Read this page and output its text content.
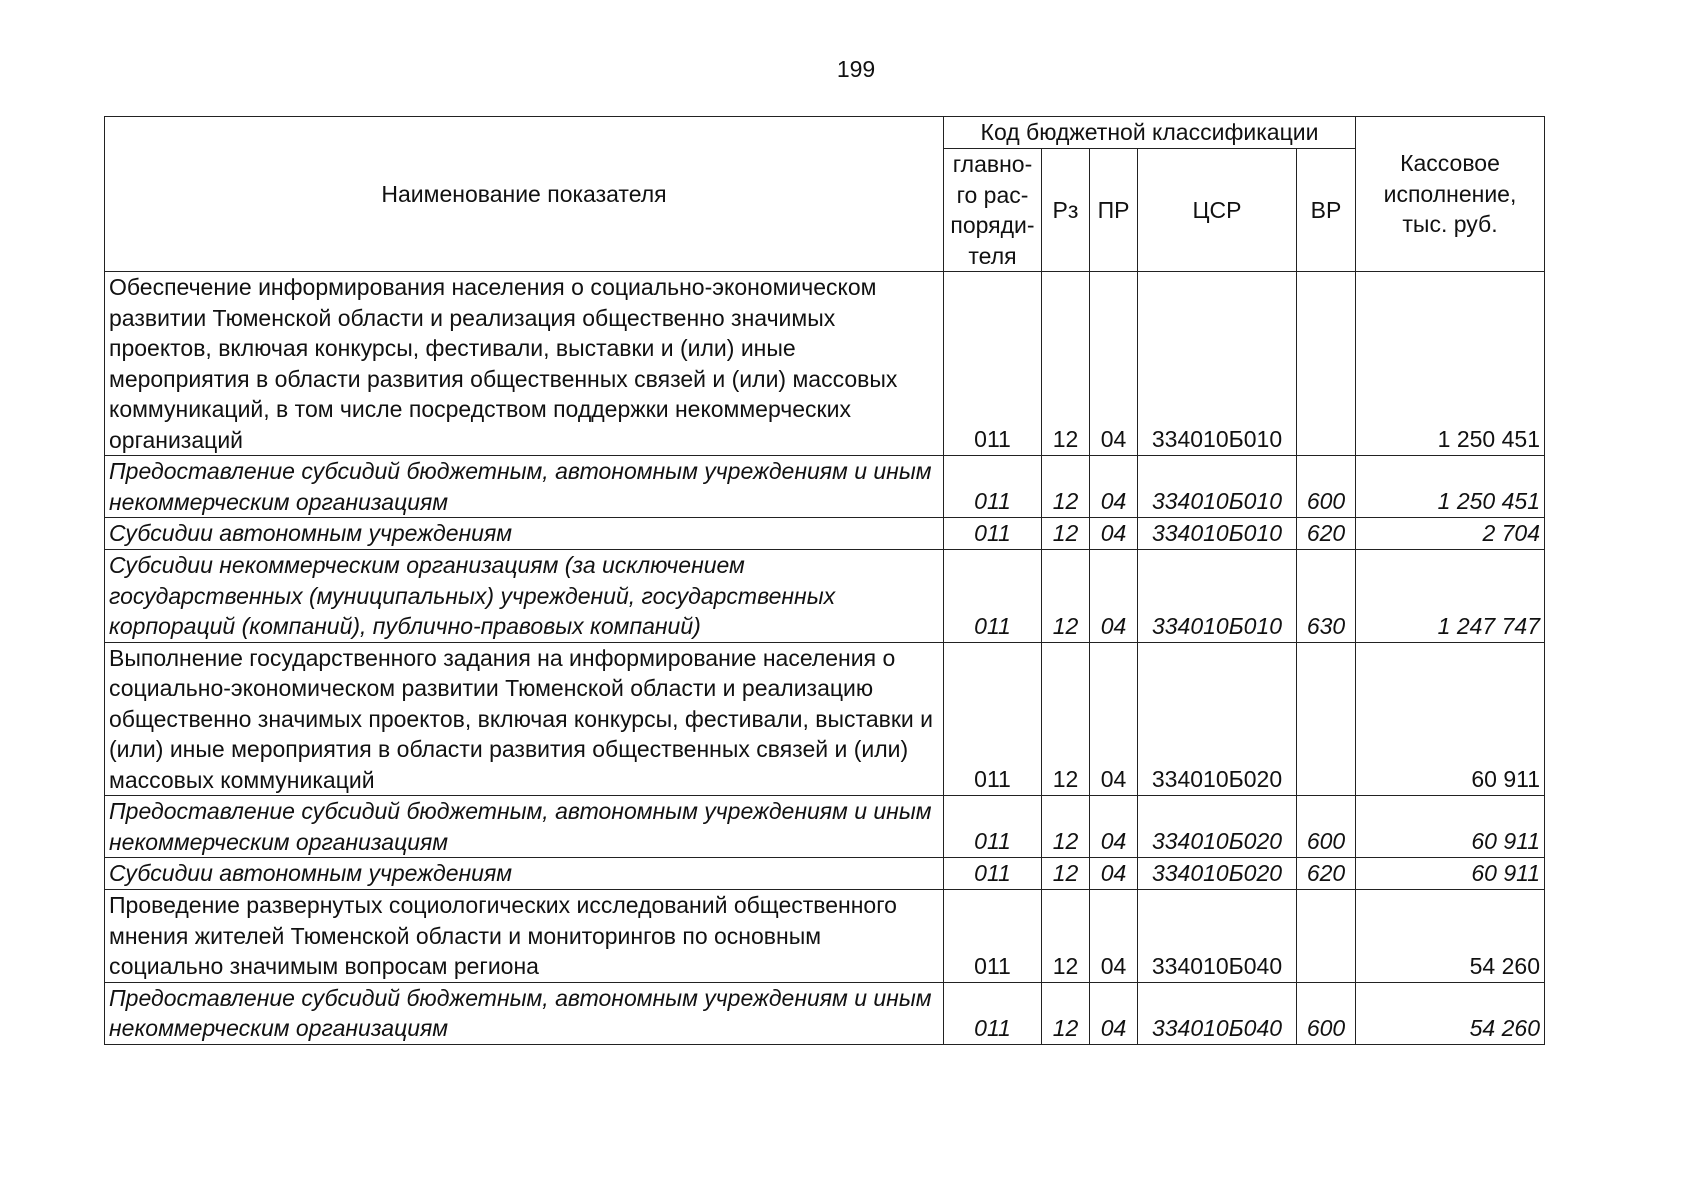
199
Наименование показателя	Код бюджетной классификации					Кассовое исполнение, тыс. руб.
	главно-го рас-поряди-теля	Рз	ПР	ЦСР	ВР	
Обеспечение информирования населения о социально-экономическом развитии Тюменской области и реализация общественно значимых проектов, включая конкурсы, фестивали, выставки и (или) иные мероприятия в области развития общественных связей и (или) массовых коммуникаций, в том числе посредством поддержки некоммерческих организаций	011	12	04	334010Б010		1 250 451
Предоставление субсидий бюджетным, автономным учреждениям и иным некоммерческим организациям	011	12	04	334010Б010	600	1 250 451
Субсидии автономным учреждениям	011	12	04	334010Б010	620	2 704
Субсидии некоммерческим организациям (за исключением государственных (муниципальных) учреждений, государственных корпораций (компаний), публично-правовых компаний)	011	12	04	334010Б010	630	1 247 747
Выполнение государственного задания на информирование населения о социально-экономическом развитии Тюменской области и реализацию общественно значимых проектов, включая конкурсы, фестивали, выставки и (или) иные мероприятия в области развития общественных связей и (или) массовых коммуникаций	011	12	04	334010Б020		60 911
Предоставление субсидий бюджетным, автономным учреждениям и иным некоммерческим организациям	011	12	04	334010Б020	600	60 911
Субсидии автономным учреждениям	011	12	04	334010Б020	620	60 911
Проведение развернутых социологических исследований общественного мнения жителей Тюменской области и мониторингов по основным социально значимым вопросам региона	011	12	04	334010Б040		54 260
Предоставление субсидий бюджетным, автономным учреждениям и иным некоммерческим организациям	011	12	04	334010Б040	600	54 260
